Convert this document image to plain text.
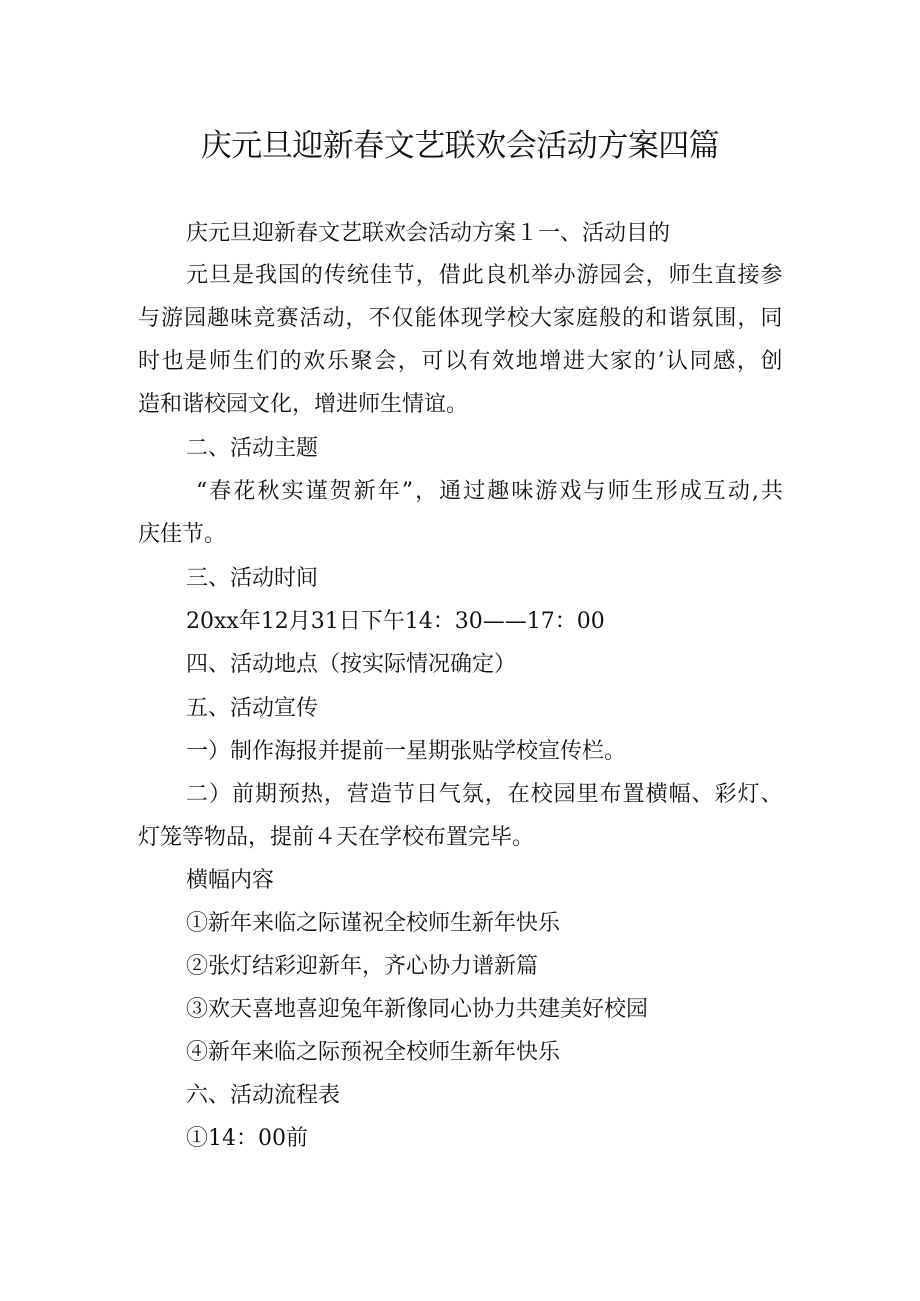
庆元旦迎新春文艺联欢会活动方案四篇
庆元旦迎新春文艺联欢会活动方案１一、活动目的
元旦是我国的传统佳节，借此良机举办游园会，师生直接参
与游园趣味竞赛活动，不仅能体现学校大家庭般的和谐氛围，同
时也是师生们的欢乐聚会，可以有效地增进大家的’认同感，创
造和谐校园文化，增进师生情谊。
二、活动主题
“春花秋实谨贺新年”，通过趣味游戏与师生形成互动,共
庆佳节。
三、活动时间
20xx年12月31日下午14：30——17：00
四、活动地点（按实际情况确定）
五、活动宣传
一）制作海报并提前一星期张贴学校宣传栏。
二）前期预热，营造节日气氛，在校园里布置横幅、彩灯、
灯笼等物品，提前４天在学校布置完毕。
横幅内容
①新年来临之际谨祝全校师生新年快乐
②张灯结彩迎新年，齐心协力谱新篇
③欢天喜地喜迎兔年新像同心协力共建美好校园
④新年来临之际预祝全校师生新年快乐
六、活动流程表
①14：00前
